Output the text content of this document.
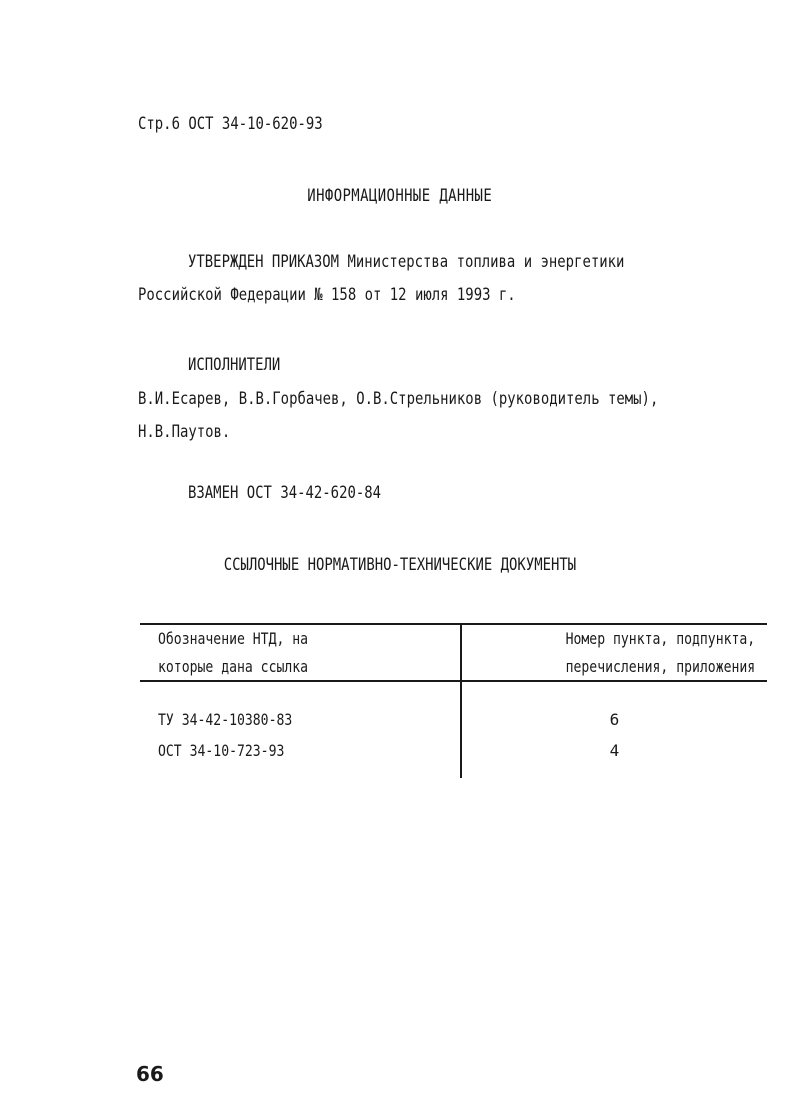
Стр.6 ОСТ 34-10-620-93
ИНФОРМАЦИОННЫЕ ДАННЫЕ
УТВЕРЖДЕН ПРИКАЗОМ Министерства топлива и энергетики
Российской Федерации № 158 от 12 июля 1993 г.
ИСПОЛНИТЕЛИ
В.И.Есарев, В.В.Горбачев, О.В.Стрельников (руководитель темы),
Н.В.Паутов.
ВЗАМЕН ОСТ 34-42-620-84
ССЫЛОЧНЫЕ НОРМАТИВНО-ТЕХНИЧЕСКИЕ ДОКУМЕНТЫ
Обозначение НТД, на
которые дана ссылка
Номер пункта, подпункта,
перечисления, приложения
ТУ 34-42-10380-83	6
ОСТ 34-10-723-93	4
66
